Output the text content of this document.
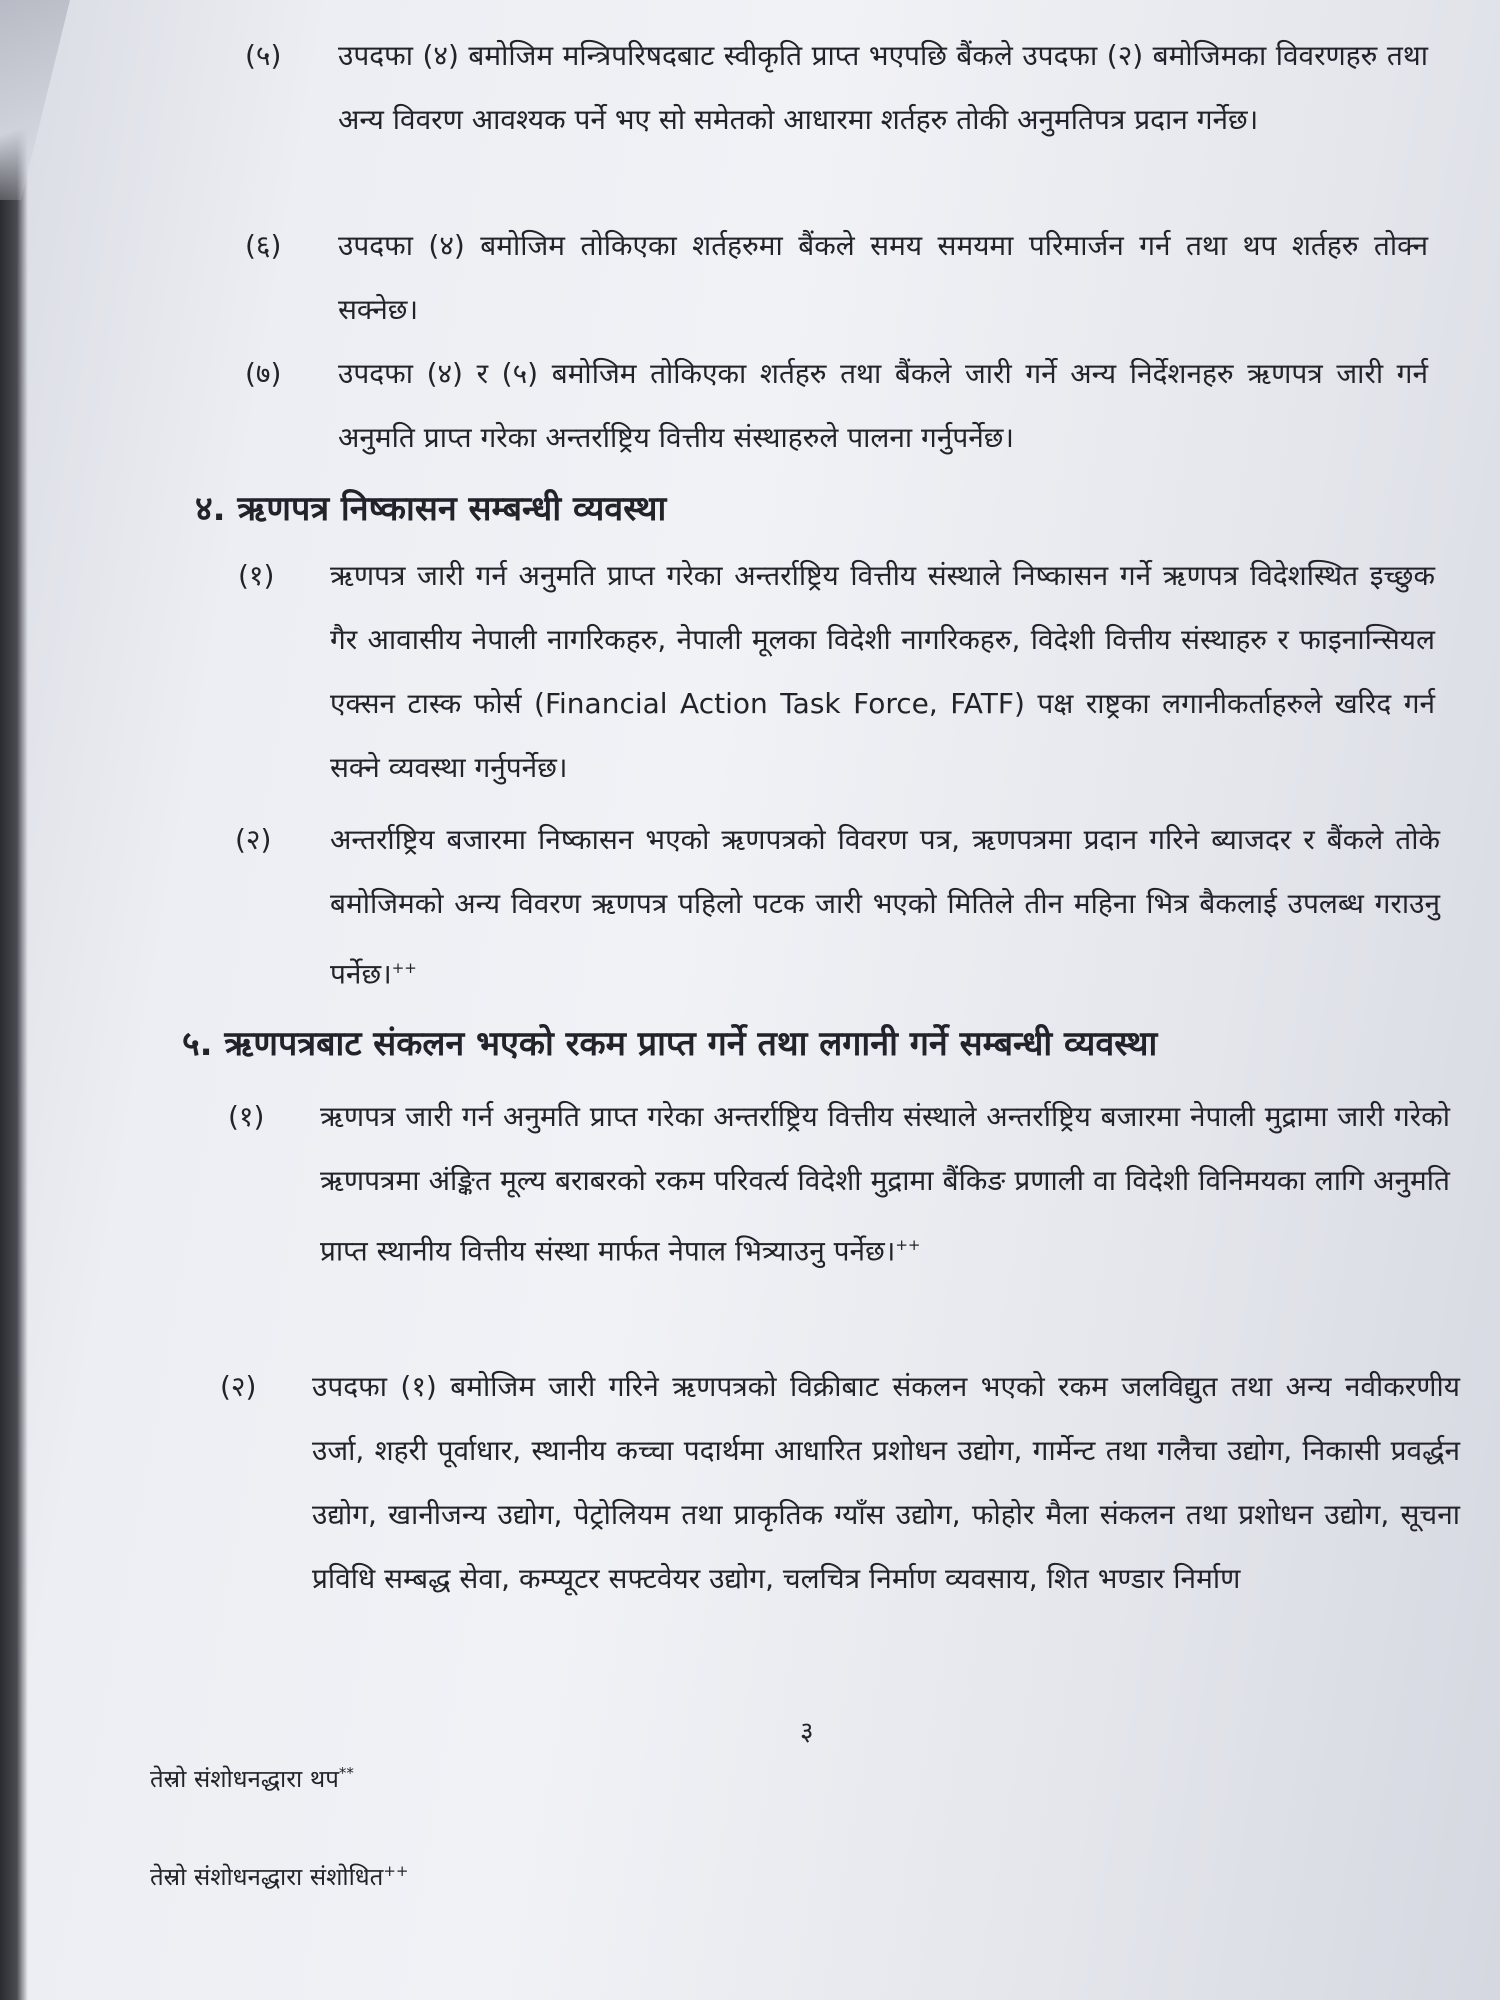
(५) उपदफा (४) बमोजिम मन्त्रिपरिषदबाट स्वीकृति प्राप्त भएपछि बैंकले उपदफा (२) बमोजिमका विवरणहरु तथा अन्य विवरण आवश्यक पर्ने भए सो समेतको आधारमा शर्तहरु तोकी अनुमतिपत्र प्रदान गर्नेछ।
(६) उपदफा (४) बमोजिम तोकिएका शर्तहरुमा बैंकले समय समयमा परिमार्जन गर्न तथा थप शर्तहरु तोक्न सक्नेछ।
(७) उपदफा (४) र (५) बमोजिम तोकिएका शर्तहरु तथा बैंकले जारी गर्ने अन्य निर्देशनहरु ऋणपत्र जारी गर्न अनुमति प्राप्त गरेका अन्तर्राष्ट्रिय वित्तीय संस्थाहरुले पालना गर्नुपर्नेछ।
४. ऋणपत्र निष्कासन सम्बन्धी व्यवस्था
(१) ऋणपत्र जारी गर्न अनुमति प्राप्त गरेका अन्तर्राष्ट्रिय वित्तीय संस्थाले निष्कासन गर्ने ऋणपत्र विदेशस्थित इच्छुक गैर आवासीय नेपाली नागरिकहरु, नेपाली मूलका विदेशी नागरिकहरु, विदेशी वित्तीय संस्थाहरु र फाइनान्सियल एक्सन टास्क फोर्स (Financial Action Task Force, FATF) पक्ष राष्ट्रका लगानीकर्ताहरुले खरिद गर्न सक्ने व्यवस्था गर्नुपर्नेछ।
(२) अन्तर्राष्ट्रिय बजारमा निष्कासन भएको ऋणपत्रको विवरण पत्र, ऋणपत्रमा प्रदान गरिने ब्याजदर र बैंकले तोके बमोजिमको अन्य विवरण ऋणपत्र पहिलो पटक जारी भएको मितिले तीन महिना भित्र बैकलाई उपलब्ध गराउनु पर्नेछ।++
५. ऋणपत्रबाट संकलन भएको रकम प्राप्त गर्ने तथा लगानी गर्ने सम्बन्धी व्यवस्था
(१) ऋणपत्र जारी गर्न अनुमति प्राप्त गरेका अन्तर्राष्ट्रिय वित्तीय संस्थाले अन्तर्राष्ट्रिय बजारमा नेपाली मुद्रामा जारी गरेको ऋणपत्रमा अंङ्कित मूल्य बराबरको रकम परिवर्त्य विदेशी मुद्रामा बैंकिङ प्रणाली वा विदेशी विनिमयका लागि अनुमति प्राप्त स्थानीय वित्तीय संस्था मार्फत नेपाल भित्र्याउनु पर्नेछ।++
(२) उपदफा (१) बमोजिम जारी गरिने ऋणपत्रको विक्रीबाट संकलन भएको रकम जलविद्युत तथा अन्य नवीकरणीय उर्जा, शहरी पूर्वाधार, स्थानीय कच्चा पदार्थमा आधारित प्रशोधन उद्योग, गार्मेन्ट तथा गलैचा उद्योग, निकासी प्रवर्द्धन उद्योग, खानीजन्य उद्योग, पेट्रोलियम तथा प्राकृतिक ग्याँस उद्योग, फोहोर मैला संकलन तथा प्रशोधन उद्योग, सूचना प्रविधि सम्बद्ध सेवा, कम्प्यूटर सफ्टवेयर उद्योग, चलचित्र निर्माण व्यवसाय, शित भण्डार निर्माण
३
तेस्रो संशोधनद्धारा थप**
तेस्रो संशोधनद्धारा संशोधित++
